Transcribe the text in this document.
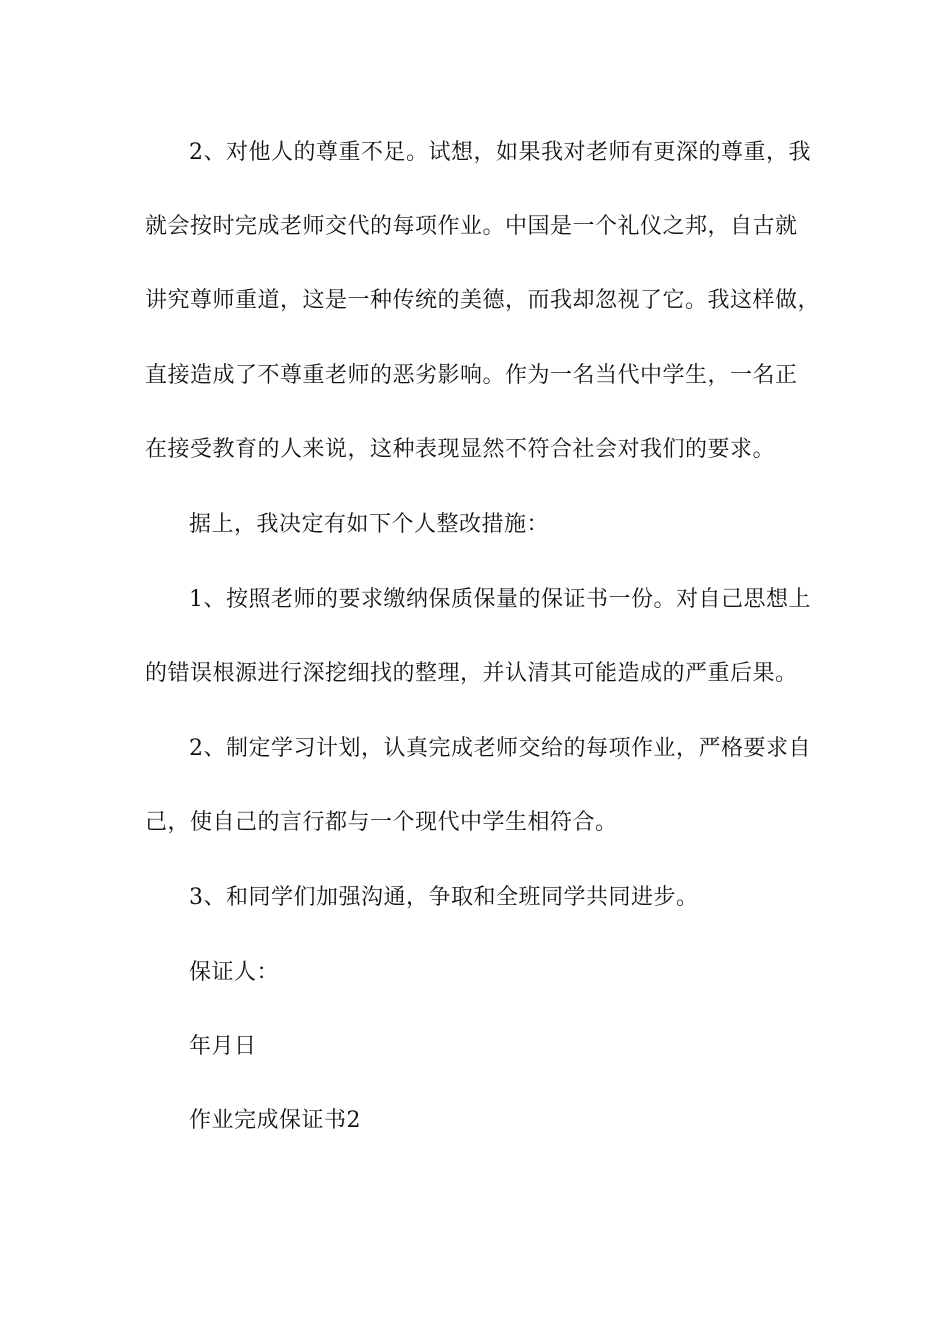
2、对他人的尊重不足。试想，如果我对老师有更深的尊重，我
就会按时完成老师交代的每项作业。中国是一个礼仪之邦，自古就
讲究尊师重道，这是一种传统的美德，而我却忽视了它。我这样做，
直接造成了不尊重老师的恶劣影响。作为一名当代中学生，一名正
在接受教育的人来说，这种表现显然不符合社会对我们的要求。
据上，我决定有如下个人整改措施：
1、按照老师的要求缴纳保质保量的保证书一份。对自己思想上
的错误根源进行深挖细找的整理，并认清其可能造成的严重后果。
2、制定学习计划，认真完成老师交给的每项作业，严格要求自
己，使自己的言行都与一个现代中学生相符合。
3、和同学们加强沟通，争取和全班同学共同进步。
保证人：
年月日
作业完成保证书2
